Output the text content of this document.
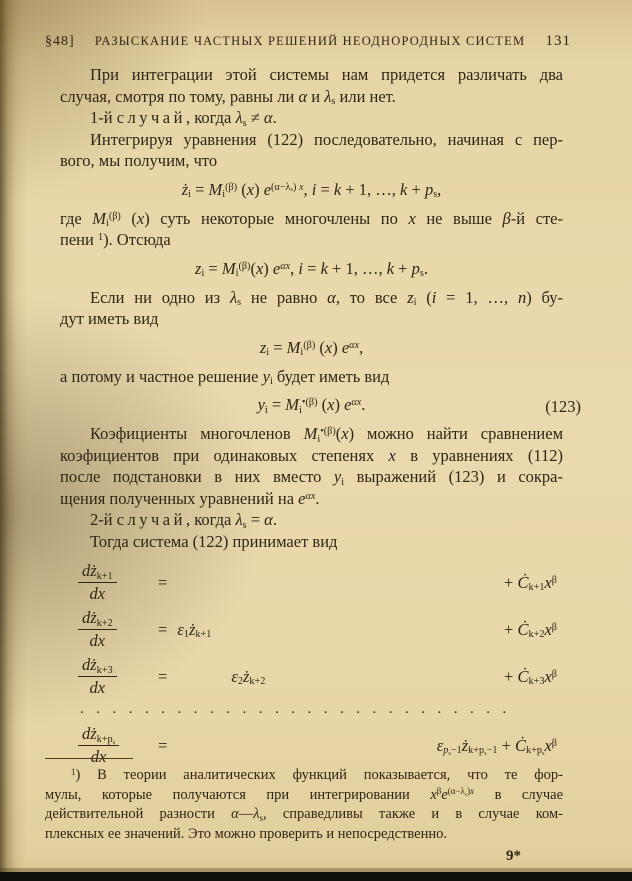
§48] РАЗЫСКАНИЕ ЧАСТНЫХ РЕШЕНИЙ НЕОДНОРОДНЫХ СИСТЕМ 131
При интеграции этой системы нам придется различать два
случая, смотря по тому, равны ли α и λs или нет.
1-й случай, когда λs ≠ α.
Интегрируя уравнения (122) последовательно, начиная с пер-
вого, мы получим, что
żi = $Mi^{(\beta)}$ (x) $e^{(\alpha-\lambda s) x}$, i = k + 1, …, k + ps,
где $Mi^{(\beta)}$ (x) суть некоторые многочлены по x не выше β-й сте-
пени $^1$). Отсюда
zi = $Mi^{(\beta)}(x)$ $e^{\alpha x}$, i = k + 1, …, k + ps.
Если ни одно из λs не равно α, то все zi (i = 1, …, n) бу-
дут иметь вид
zi = $Mi^{(\beta)}$ (x) $e^{\alpha x}$,
а потому и частное решение yi будет иметь вид
yi = $Mi^{•(\beta)}$ (x) $e^{\alpha x}$.	(123)
Коэфициенты многочленов $Mi^{•(\beta)}(x)$ можно найти сравнением
коэфициентов при одинаковых степенях x в уравнениях (112)
после подстановки в них вместо yi выражений (123) и сокра-
щения полученных уравнений на $e^{\alpha x}$.
2-й случай, когда λs = α.
Тогда система (122) принимает вид
$\frac{\text{dżk+1}}{dx}$	=	+ $Ċk+1x^\beta$
$\frac{\text{dżk+2}}{dx}$	= ε1żk+1	+ $Ċk+2x^\beta$
$\frac{\text{dżk+3}}{dx}$	=	ε2żk+2	+ $Ċk+3x^\beta$
...........................
$\frac{\text{dżk+ps}}{dx}$ =	εps−1żk+ps−1 + Ċk+psx$^\beta$
$^1$) В теории аналитических функций показывается, что те фор-
мулы, которые получаются при интегрировании $x^\beta e^{(\alpha-\lambda s)x}$ в случае
действительной разности α—λs, справедливы также и в случае ком-
плексных ее значений. Это можно проверить и непосредственно.
9*
